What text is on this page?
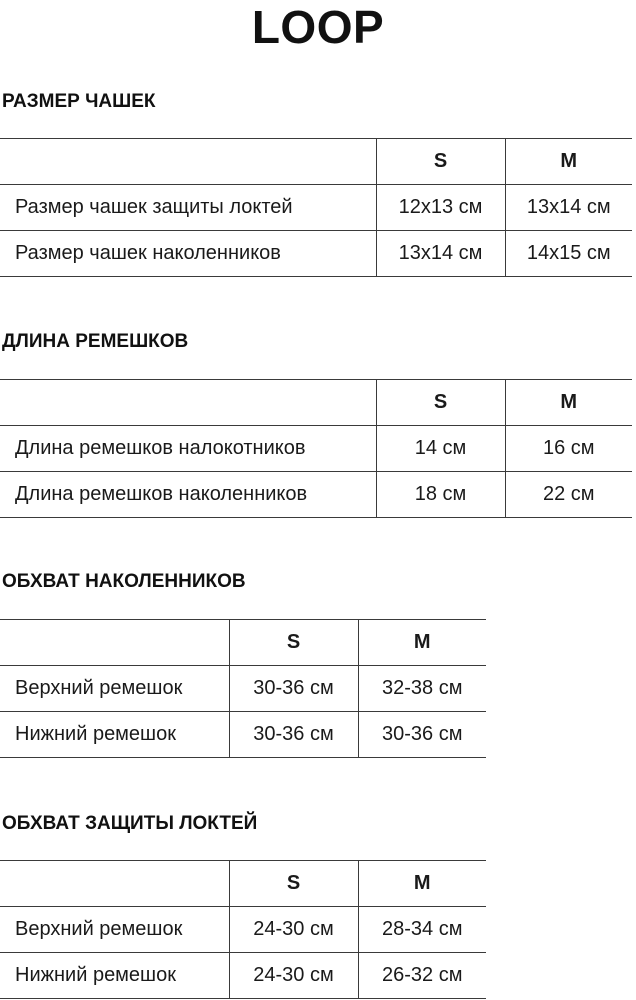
LOOP
РАЗМЕР ЧАШЕК
	S	M
Размер чашек защиты локтей	12x13 см	13x14 см
Размер чашек наколенников	13x14 см	14x15 см
ДЛИНА РЕМЕШКОВ
	S	M
Длина ремешков налокотников	14 см	16 см
Длина ремешков наколенников	18 см	22 см
ОБХВАТ НАКОЛЕННИКОВ
	S	M
Верхний ремешок	30-36 см	32-38 см
Нижний ремешок	30-36 см	30-36 см
ОБХВАТ ЗАЩИТЫ ЛОКТЕЙ
	S	M
Верхний ремешок	24-30 см	28-34 см
Нижний ремешок	24-30 см	26-32 см
